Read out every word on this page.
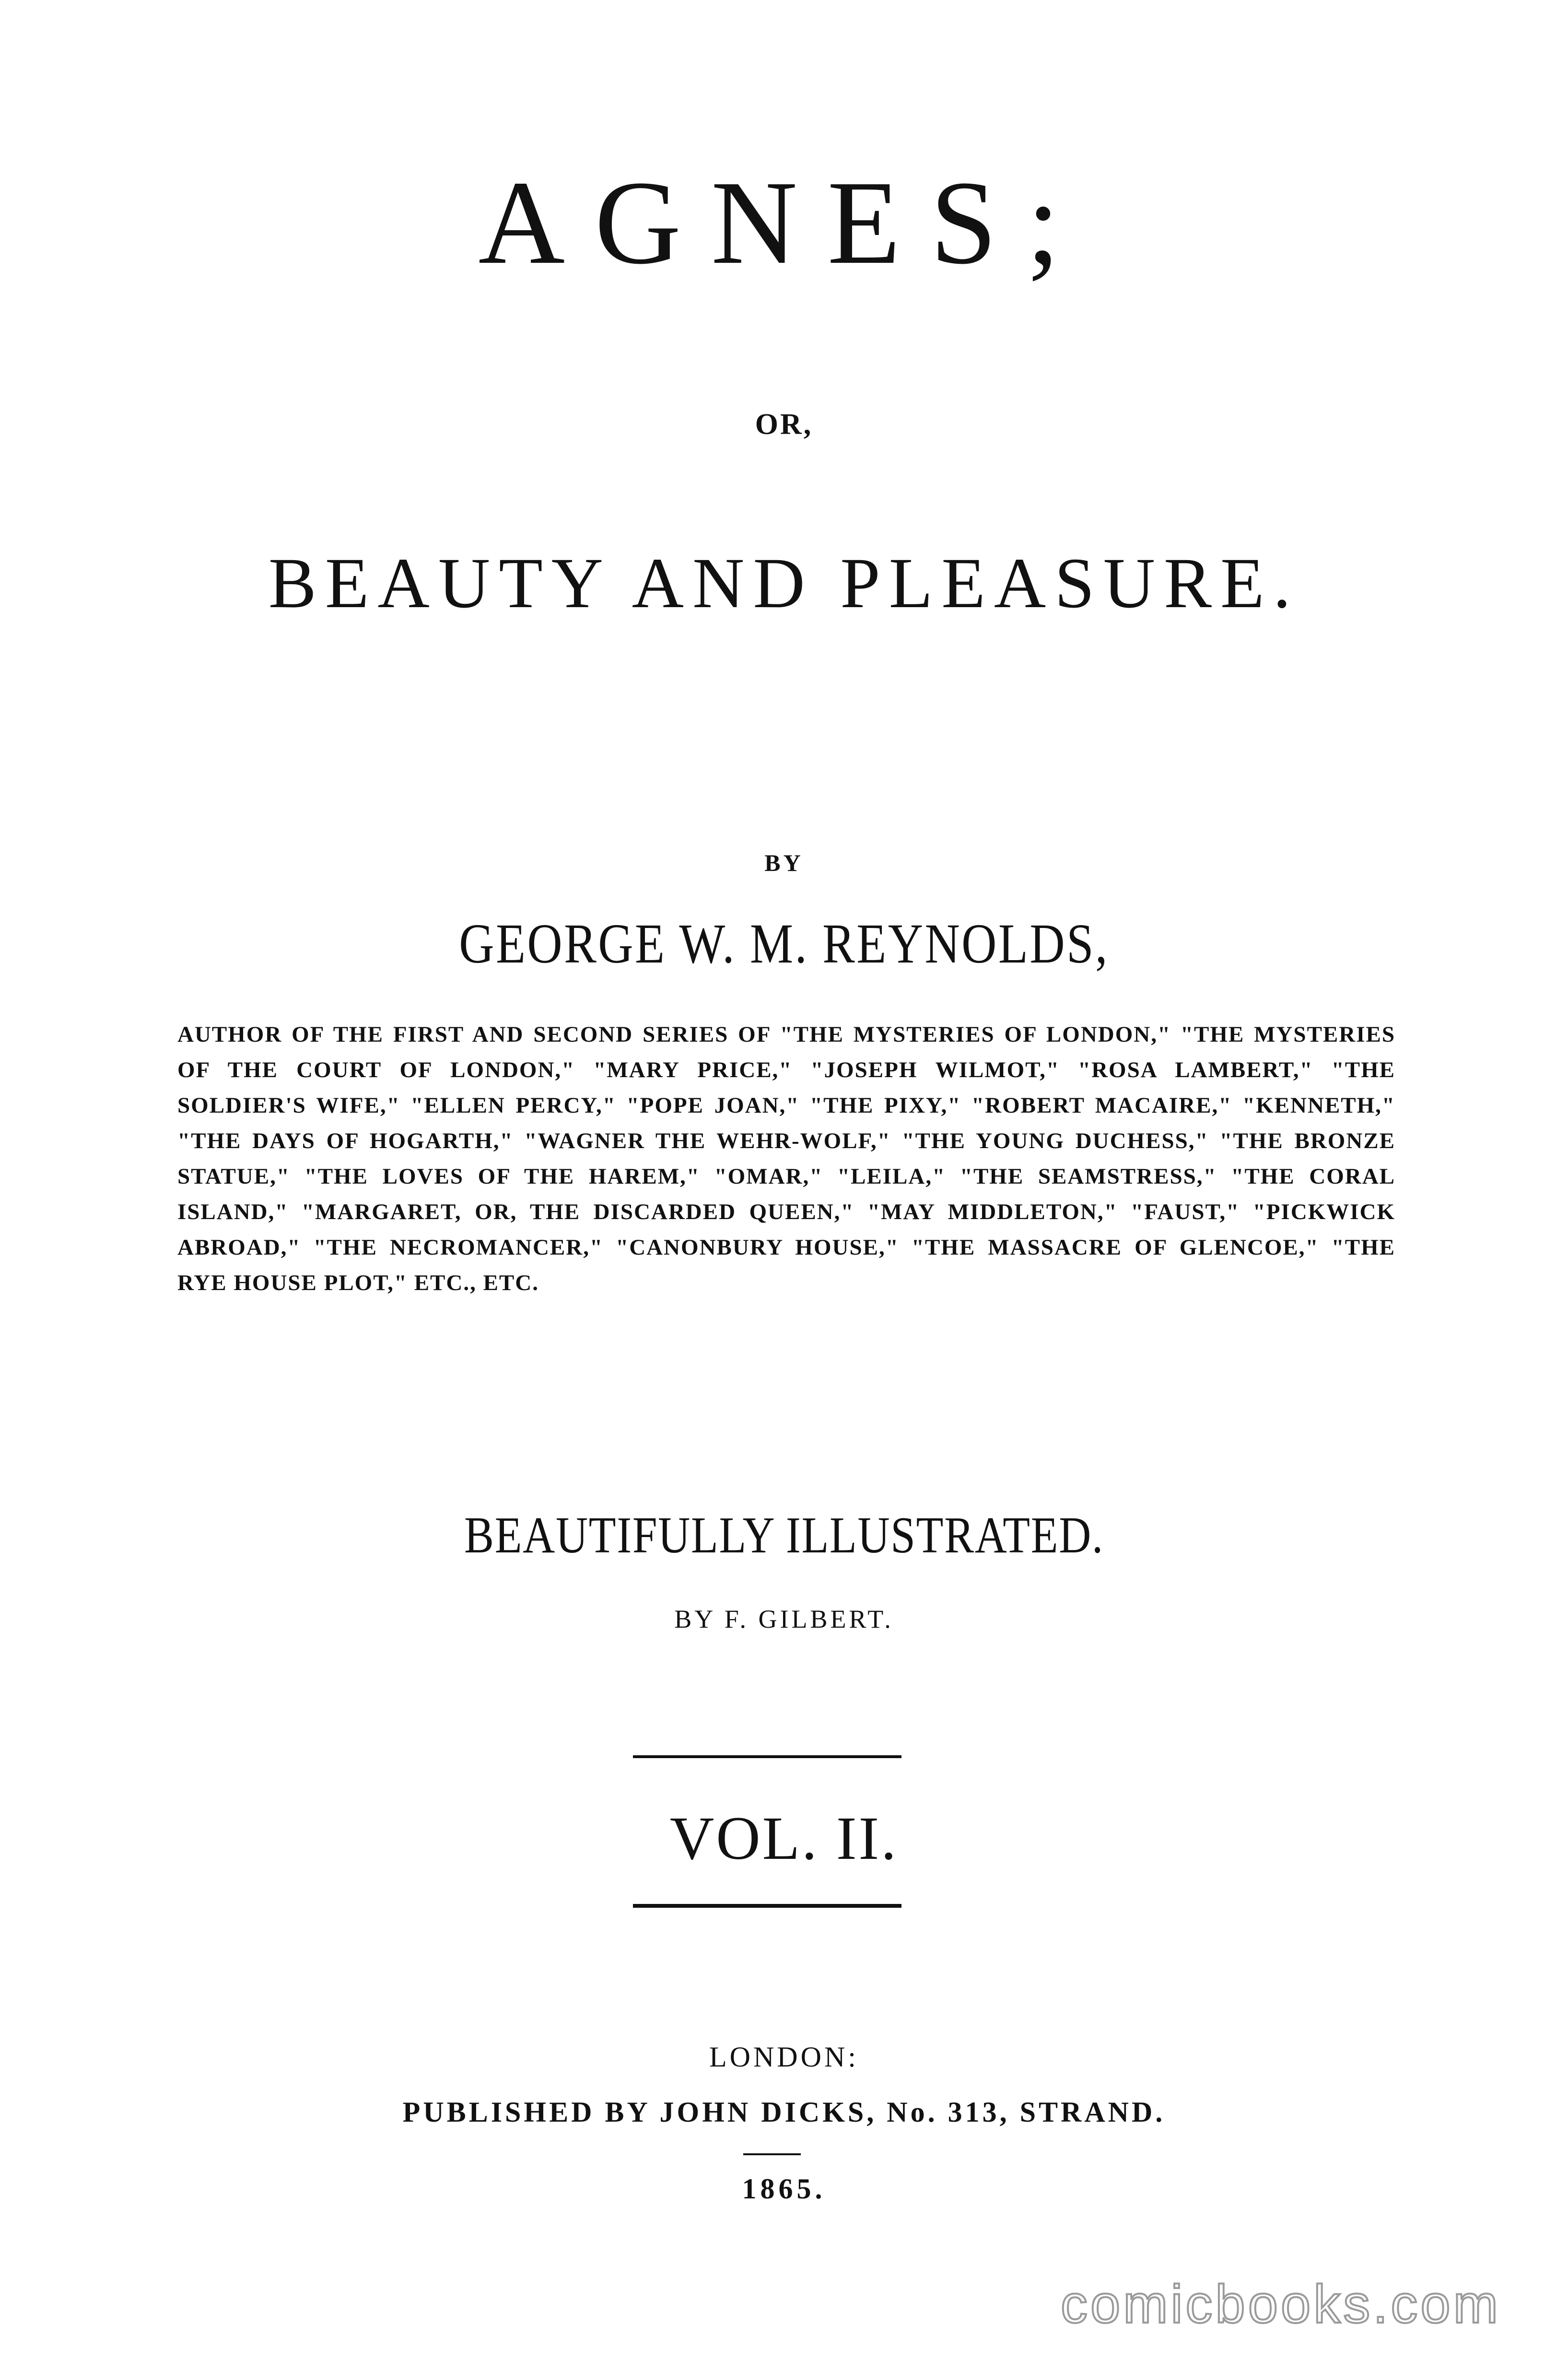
AGNES;
OR,
BEAUTY AND PLEASURE.
BY
GEORGE W. M. REYNOLDS,
AUTHOR OF THE FIRST AND SECOND SERIES OF "THE MYSTERIES OF LONDON," "THE MYSTERIES OF THE COURT OF LONDON," "MARY PRICE," "JOSEPH WILMOT," "ROSA LAMBERT," "THE SOLDIER'S WIFE," "ELLEN PERCY," "POPE JOAN," "THE PIXY," "ROBERT MACAIRE," "KENNETH," "THE DAYS OF HOGARTH," "WAGNER THE WEHR-WOLF," "THE YOUNG DUCHESS," "THE BRONZE STATUE," "THE LOVES OF THE HAREM," "OMAR," "LEILA," "THE SEAMSTRESS," "THE CORAL ISLAND," "MARGARET, OR, THE DISCARDED QUEEN," "MAY MIDDLETON," "FAUST," "PICKWICK ABROAD," "THE NECROMANCER," "CANONBURY HOUSE," "THE MASSACRE OF GLENCOE," "THE RYE HOUSE PLOT," ETC., ETC.
BEAUTIFULLY ILLUSTRATED.
BY F. GILBERT.
VOL. II.
LONDON:
PUBLISHED BY JOHN DICKS, No. 313, STRAND.
1865.
comicbooks.com
